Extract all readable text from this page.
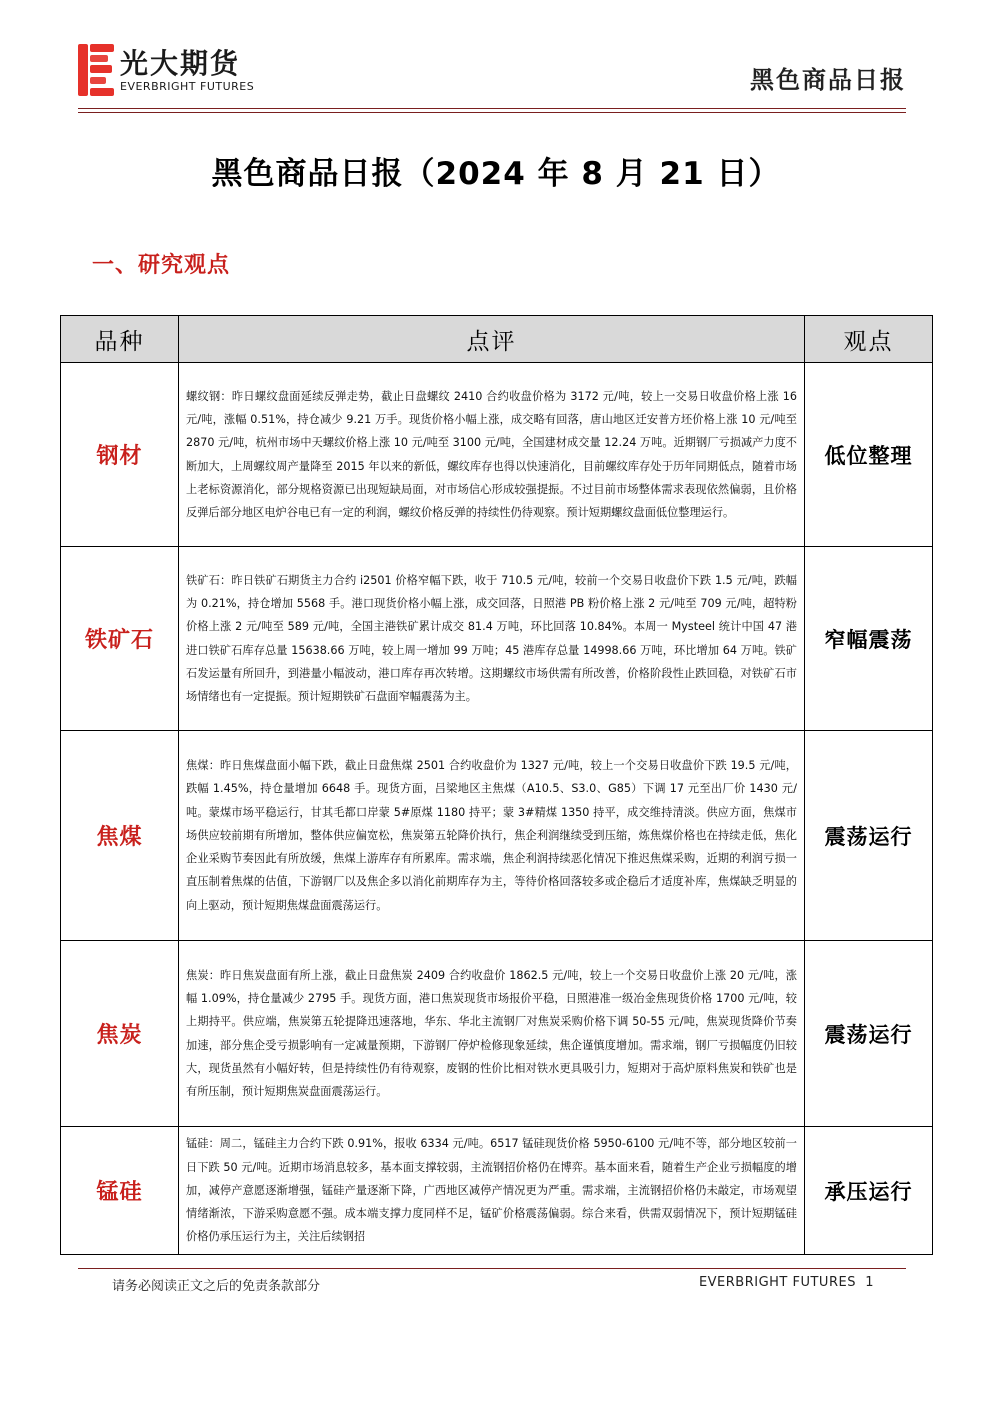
光大期货
EVERBRIGHT FUTURES	黑色商品日报
黑色商品日报（2024 年 8 月 21 日）
一、研究观点
品种	点评	观点
钢材	螺纹钢：昨日螺纹盘面延续反弹走势，截止日盘螺纹 2410 合约收盘价格为 3172 元/吨，较上一交易日收盘价格上涨 16 元/吨，涨幅 0.51%，持仓减少 9.21 万手。现货价格小幅上涨，成交略有回落，唐山地区迁安普方坯价格上涨 10 元/吨至 2870 元/吨，杭州市场中天螺纹价格上涨 10 元/吨至 3100 元/吨，全国建材成交量 12.24 万吨。近期钢厂亏损减产力度不断加大，上周螺纹周产量降至 2015 年以来的新低，螺纹库存也得以快速消化，目前螺纹库存处于历年同期低点，随着市场上老标资源消化，部分规格资源已出现短缺局面，对市场信心形成较强提振。不过目前市场整体需求表现依然偏弱，且价格反弹后部分地区电炉谷电已有一定的利润，螺纹价格反弹的持续性仍待观察。预计短期螺纹盘面低位整理运行。	低位整理
铁矿石	铁矿石：昨日铁矿石期货主力合约 i2501 价格窄幅下跌，收于 710.5 元/吨，较前一个交易日收盘价下跌 1.5 元/吨，跌幅为 0.21%，持仓增加 5568 手。港口现货价格小幅上涨，成交回落，日照港 PB 粉价格上涨 2 元/吨至 709 元/吨，超特粉价格上涨 2 元/吨至 589 元/吨，全国主港铁矿累计成交 81.4 万吨，环比回落 10.84%。本周一 Mysteel 统计中国 47 港进口铁矿石库存总量 15638.66 万吨，较上周一增加 99 万吨；45 港库存总量 14998.66 万吨，环比增加 64 万吨。铁矿石发运量有所回升，到港量小幅波动，港口库存再次转增。这期螺纹市场供需有所改善，价格阶段性止跌回稳，对铁矿石市场情绪也有一定提振。预计短期铁矿石盘面窄幅震荡为主。	窄幅震荡
焦煤	焦煤：昨日焦煤盘面小幅下跌，截止日盘焦煤 2501 合约收盘价为 1327 元/吨，较上一个交易日收盘价下跌 19.5 元/吨，跌幅 1.45%，持仓量增加 6648 手。现货方面，吕梁地区主焦煤（A10.5、S3.0、G85）下调 17 元至出厂价 1430 元/吨。蒙煤市场平稳运行，甘其毛都口岸蒙 5#原煤 1180 持平；蒙 3#精煤 1350 持平，成交维持清淡。供应方面，焦煤市场供应较前期有所增加，整体供应偏宽松，焦炭第五轮降价执行，焦企利润继续受到压缩，炼焦煤价格也在持续走低，焦化企业采购节奏因此有所放缓，焦煤上游库存有所累库。需求端，焦企利润持续恶化情况下推迟焦煤采购，近期的利润亏损一直压制着焦煤的估值，下游钢厂以及焦企多以消化前期库存为主，等待价格回落较多或企稳后才适度补库，焦煤缺乏明显的向上驱动，预计短期焦煤盘面震荡运行。	震荡运行
焦炭	焦炭：昨日焦炭盘面有所上涨，截止日盘焦炭 2409 合约收盘价 1862.5 元/吨，较上一个交易日收盘价上涨 20 元/吨，涨幅 1.09%，持仓量减少 2795 手。现货方面，港口焦炭现货市场报价平稳，日照港准一级冶金焦现货价格 1700 元/吨，较上期持平。供应端，焦炭第五轮提降迅速落地，华东、华北主流钢厂对焦炭采购价格下调 50-55 元/吨，焦炭现货降价节奏加速，部分焦企受亏损影响有一定减量预期，下游钢厂停炉检修现象延续，焦企谨慎度增加。需求端，钢厂亏损幅度仍旧较大，现货虽然有小幅好转，但是持续性仍有待观察，废钢的性价比相对铁水更具吸引力，短期对于高炉原料焦炭和铁矿也是有所压制，预计短期焦炭盘面震荡运行。	震荡运行
锰硅	锰硅：周二，锰硅主力合约下跌 0.91%，报收 6334 元/吨。6517 锰硅现货价格 5950-6100 元/吨不等，部分地区较前一日下跌 50 元/吨。近期市场消息较多，基本面支撑较弱，主流钢招价格仍在博弈。基本面来看，随着生产企业亏损幅度的增加，减停产意愿逐渐增强，锰硅产量逐渐下降，广西地区减停产情况更为严重。需求端，主流钢招价格仍未敲定，市场观望情绪渐浓，下游采购意愿不强。成本端支撑力度同样不足，锰矿价格震荡偏弱。综合来看，供需双弱情况下，预计短期锰硅价格仍承压运行为主，关注后续钢招	承压运行
请务必阅读正文之后的免责条款部分	EVERBRIGHT FUTURES 1
